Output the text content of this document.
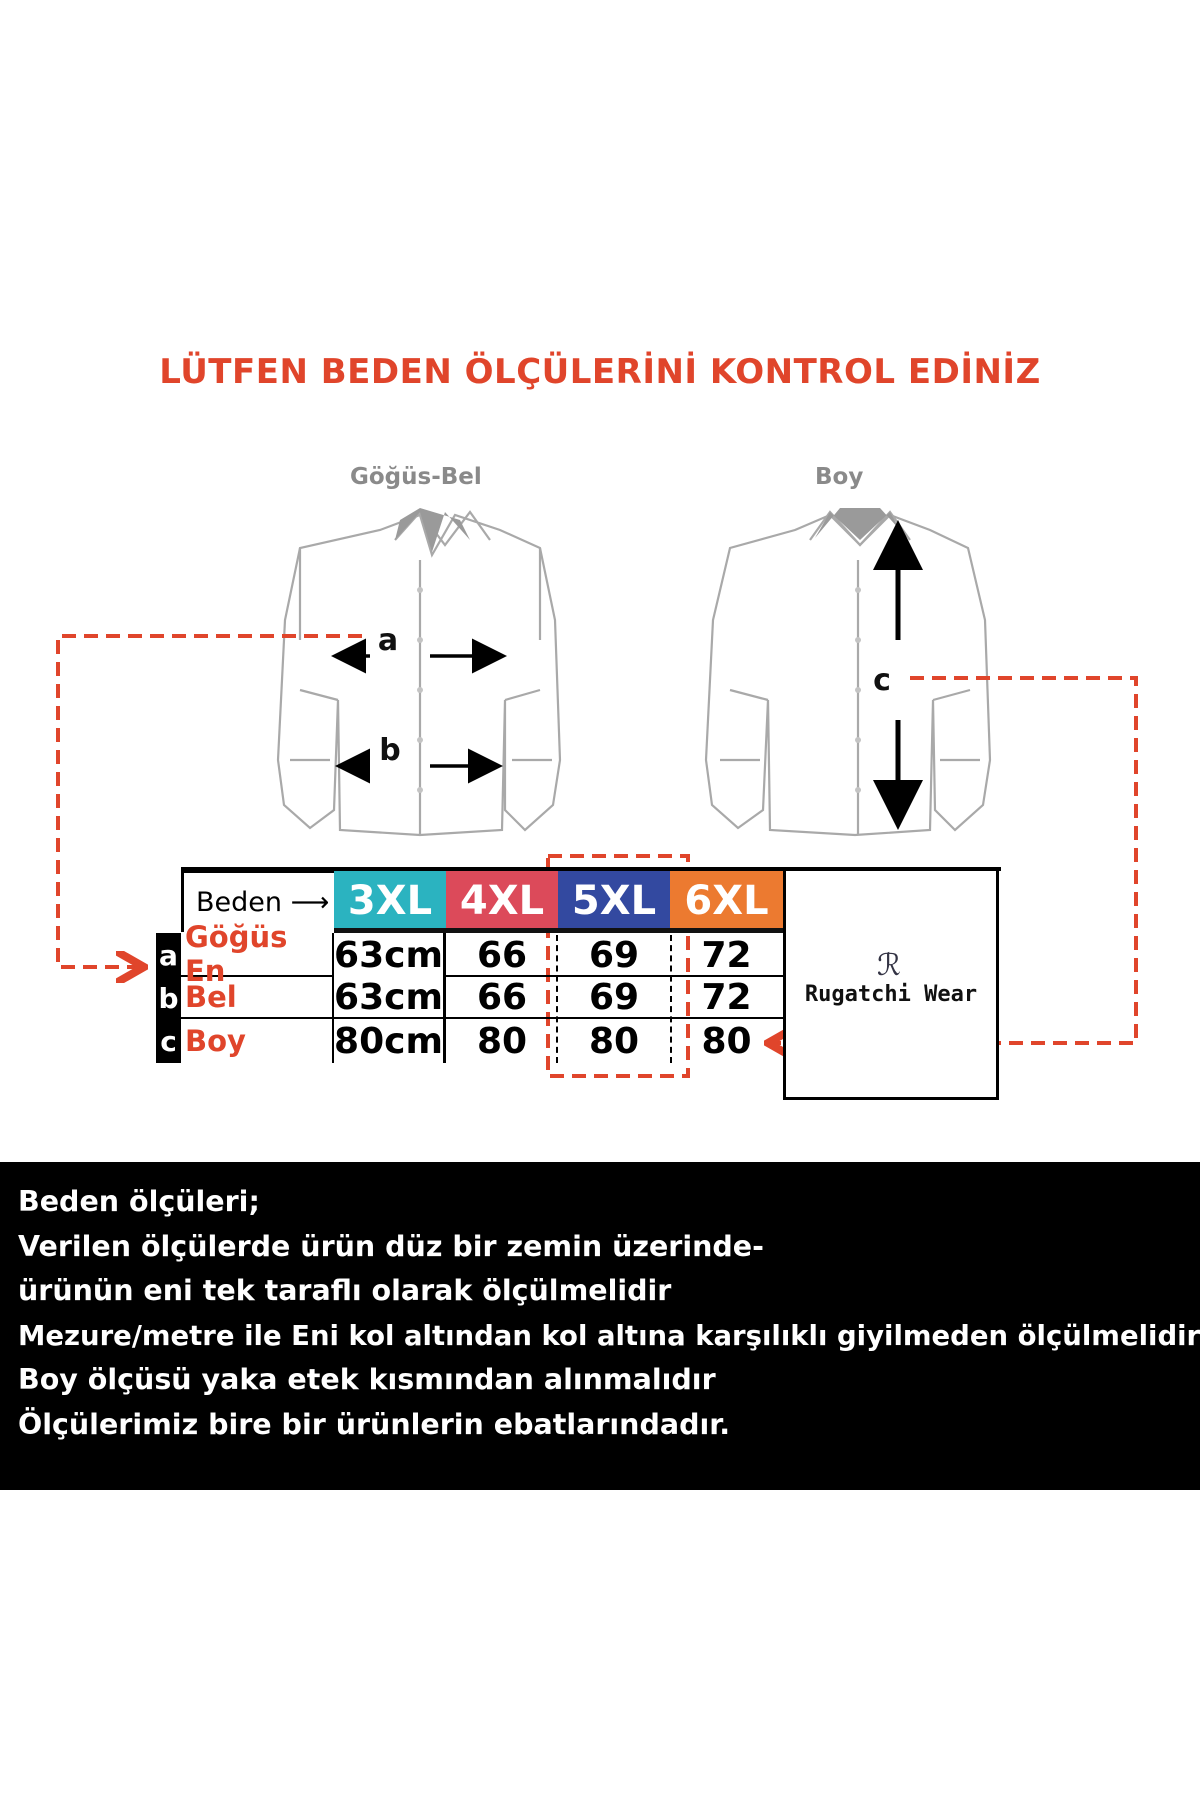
LÜTFEN BEDEN ÖLÇÜLERİNİ KONTROL EDİNİZ
Göğüs-Bel	Boy
a
b
c
Beden ⟶ 3XL 4XL 5XL 6XL
a
Göğüs En	63cm 66 69 72
b Bel	63cm 66 69 72
c Boy 80cm 80 80 80
ℛ
Rugatchi Wear
Beden ölçüleri;
Verilen ölçülerde ürün düz bir zemin üzerinde-
ürünün eni tek taraflı olarak ölçülmelidir
Mezure/metre ile Eni kol altından kol altına karşılıklı giyilmeden ölçülmelidir
Boy ölçüsü yaka etek kısmından alınmalıdır
Ölçülerimiz bire bir ürünlerin ebatlarındadır.
